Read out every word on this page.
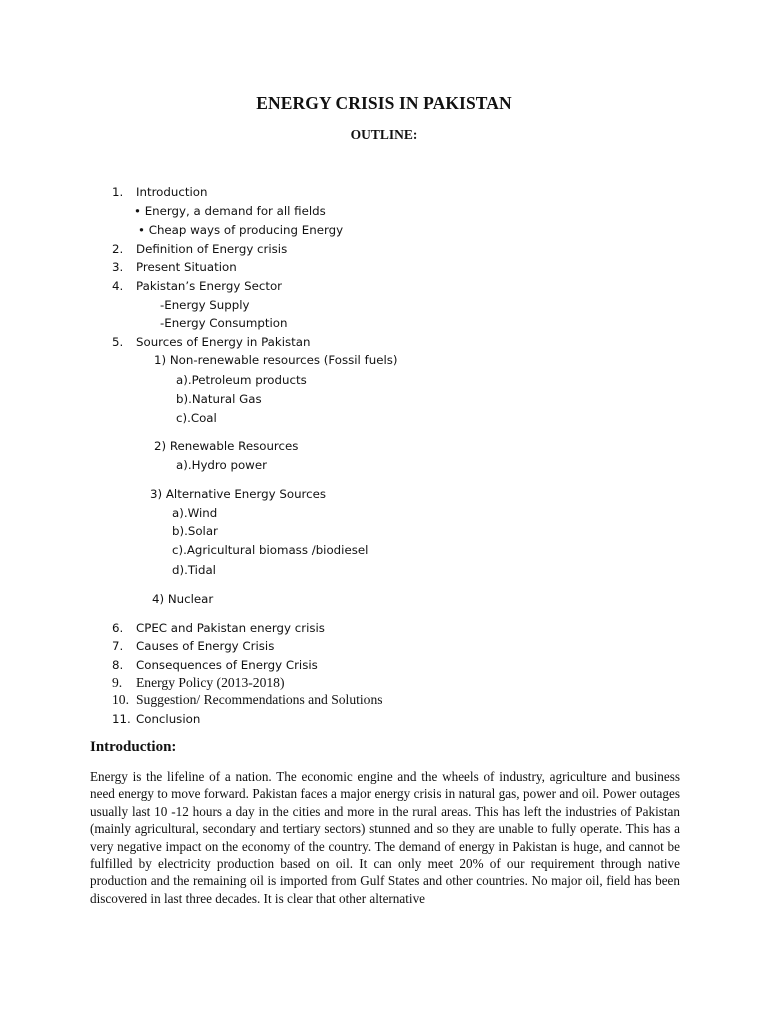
ENERGY CRISIS IN PAKISTAN
OUTLINE:
1.	Introduction
• Energy, a demand for all fields
• Cheap ways of producing Energy
2.	Definition of Energy crisis
3.	Present Situation
4.	Pakistan’s Energy Sector
-Energy Supply
-Energy Consumption
5.	Sources of Energy in Pakistan
1) Non-renewable resources (Fossil fuels)
a).Petroleum products
b).Natural Gas
c).Coal
2) Renewable Resources
a).Hydro power
3) Alternative Energy Sources
a).Wind
b).Solar
c).Agricultural biomass /biodiesel
d).Tidal
4) Nuclear
6.	CPEC and Pakistan energy crisis
7.	Causes of Energy Crisis
8.	Consequences of Energy Crisis
9.	Energy Policy (2013-2018)
10. Suggestion/ Recommendations and Solutions
11. Conclusion
Introduction:

Energy is the lifeline of a nation. The economic engine and the wheels of industry, agriculture and business need energy to move forward. Pakistan faces a major energy crisis in natural gas, power and oil. Power outages usually last 10 -12 hours a day in the cities and more in the rural areas. This has left the industries of Pakistan (mainly agricultural, secondary and tertiary sectors) stunned and so they are unable to fully operate. This has a very negative impact on the economy of the country. The demand of energy in Pakistan is huge, and cannot be fulfilled by electricity production based on oil. It can only meet 20% of our requirement through native production and the remaining oil is imported from Gulf States and other countries. No major oil, field has been discovered in last three decades. It is clear that other alternative
